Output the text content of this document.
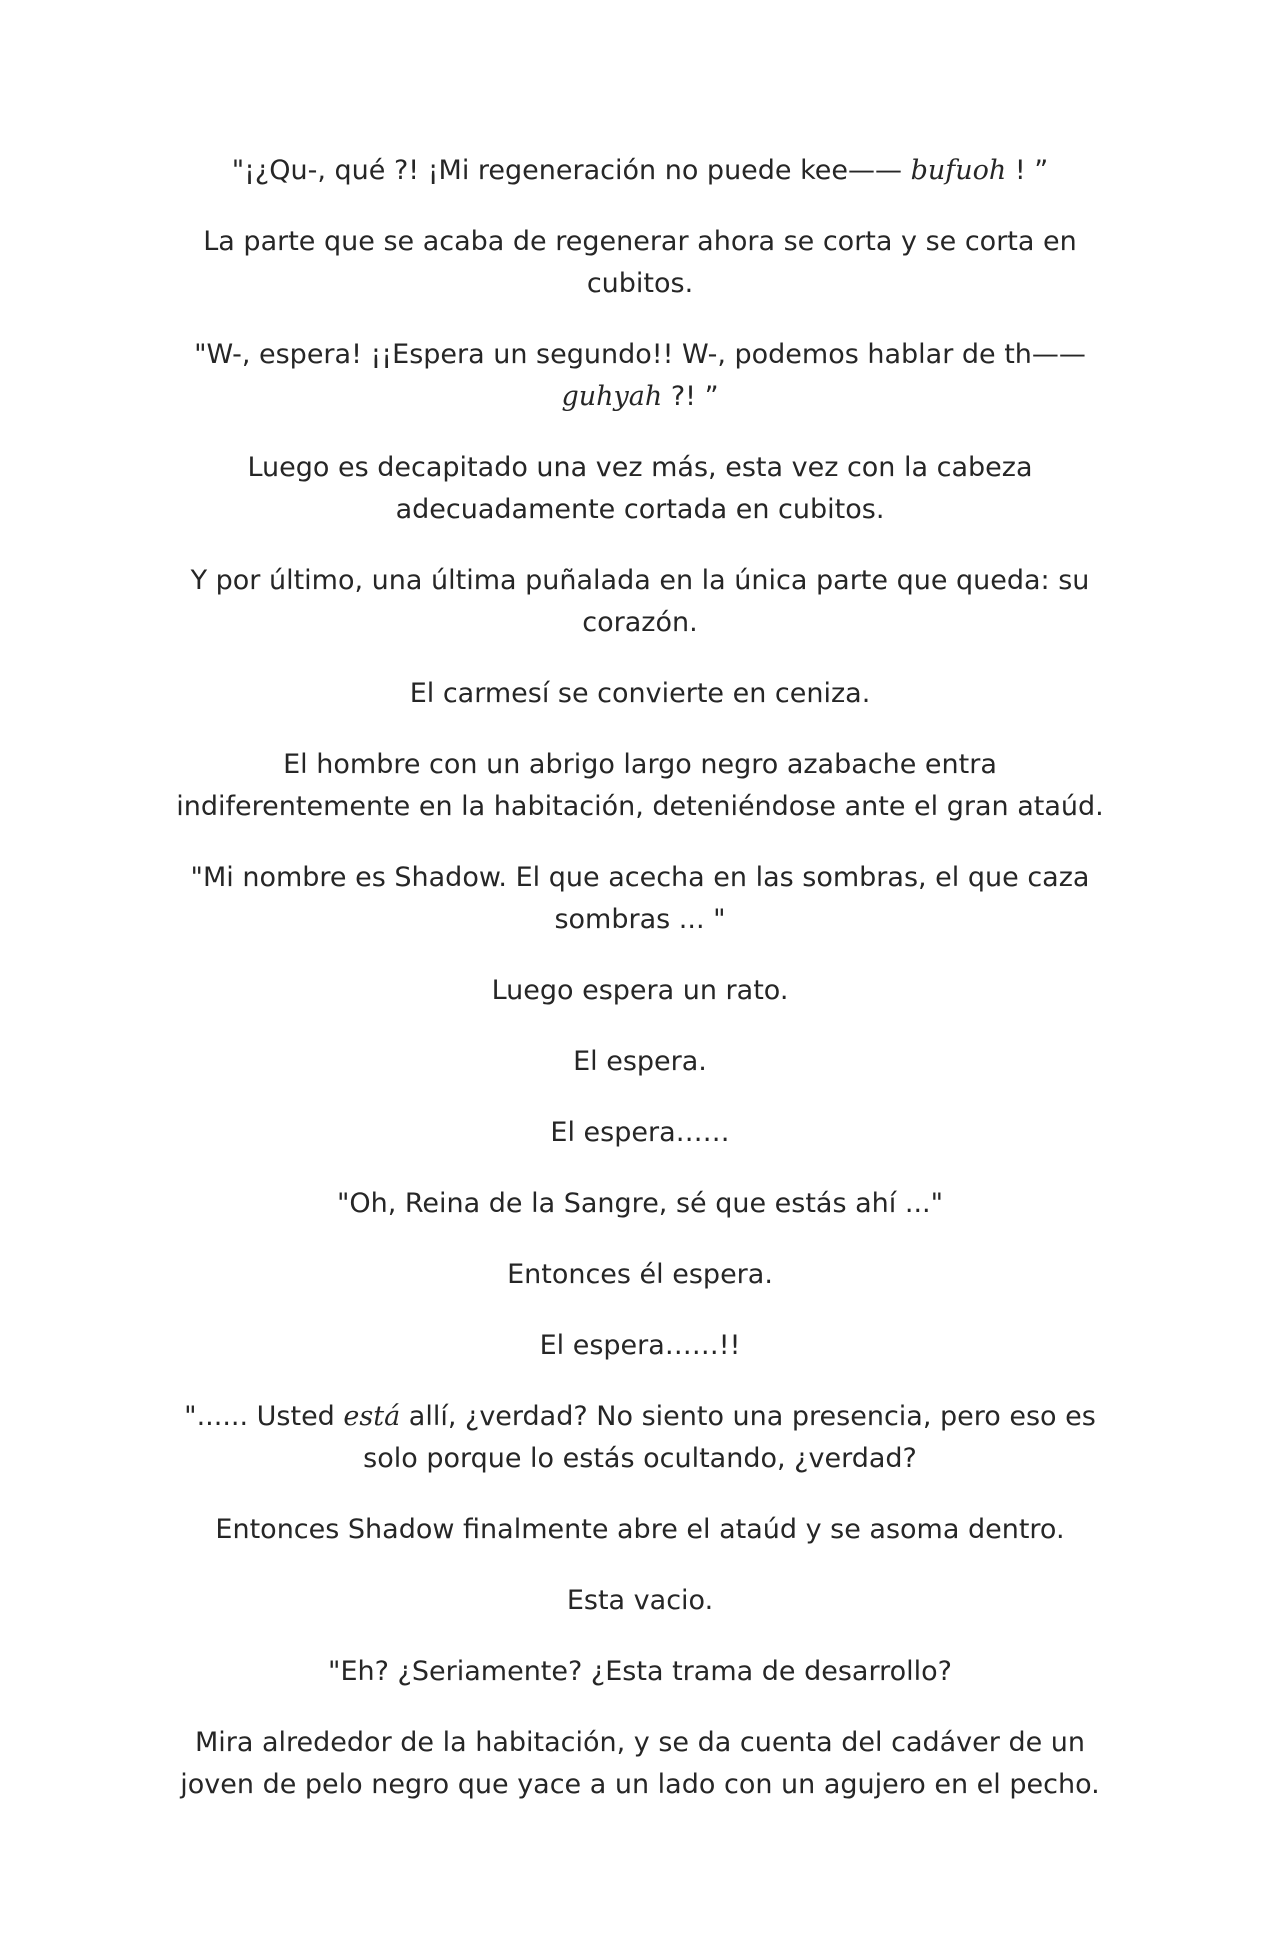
"¡¿Qu-, qué ?! ¡Mi regeneración no puede kee—— bufuoh ! ”

La parte que se acaba de regenerar ahora se corta y se corta en cubitos.

"W-, espera! ¡¡Espera un segundo!! W-, podemos hablar de th—— guhyah ?! ”

Luego es decapitado una vez más, esta vez con la cabeza adecuadamente cortada en cubitos.

Y por último, una última puñalada en la única parte que queda: su corazón.

El carmesí se convierte en ceniza.

El hombre con un abrigo largo negro azabache entra indiferentemente en la habitación, deteniéndose ante el gran ataúd.

"Mi nombre es Shadow. El que acecha en las sombras, el que caza sombras ... "

Luego espera un rato.

El espera.

El espera……

"Oh, Reina de la Sangre, sé que estás ahí ..."

Entonces él espera.

El espera……!!

"...... Usted está allí, ¿verdad? No siento una presencia, pero eso es solo porque lo estás ocultando, ¿verdad?

Entonces Shadow finalmente abre el ataúd y se asoma dentro.

Esta vacio.

"Eh? ¿Seriamente? ¿Esta trama de desarrollo?

Mira alrededor de la habitación, y se da cuenta del cadáver de un joven de pelo negro que yace a un lado con un agujero en el pecho.
